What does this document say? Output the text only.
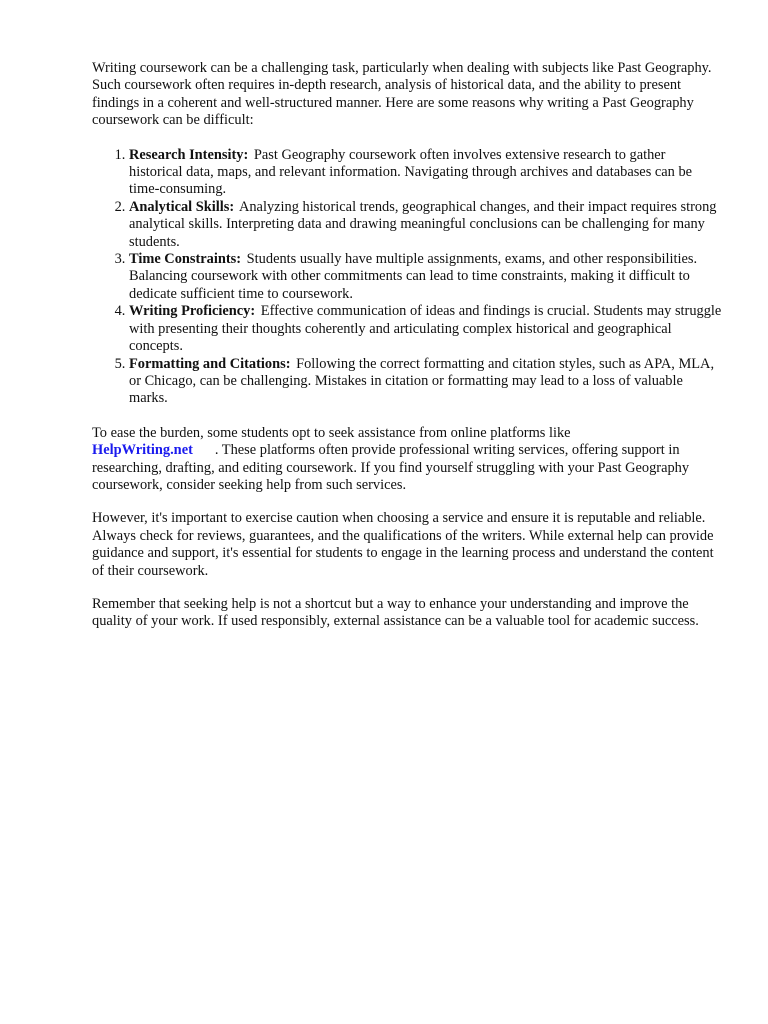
Writing coursework can be a challenging task, particularly when dealing with subjects like Past Geography. Such coursework often requires in-depth research, analysis of historical data, and the ability to present findings in a coherent and well-structured manner. Here are some reasons why writing a Past Geography coursework can be difficult:

1. Research Intensity: Past Geography coursework often involves extensive research to gather historical data, maps, and relevant information. Navigating through archives and databases can be time-consuming.
2. Analytical Skills: Analyzing historical trends, geographical changes, and their impact requires strong analytical skills. Interpreting data and drawing meaningful conclusions can be challenging for many students.
3. Time Constraints: Students usually have multiple assignments, exams, and other responsibilities. Balancing coursework with other commitments can lead to time constraints, making it difficult to dedicate sufficient time to coursework.
4. Writing Proficiency: Effective communication of ideas and findings is crucial. Students may struggle with presenting their thoughts coherently and articulating complex historical and geographical concepts.
5. Formatting and Citations: Following the correct formatting and citation styles, such as APA, MLA, or Chicago, can be challenging. Mistakes in citation or formatting may lead to a loss of valuable marks.

To ease the burden, some students opt to seek assistance from online platforms like
HelpWriting.net . These platforms often provide professional writing services, offering support in researching, drafting, and editing coursework. If you find yourself struggling with your Past Geography coursework, consider seeking help from such services.

However, it's important to exercise caution when choosing a service and ensure it is reputable and reliable. Always check for reviews, guarantees, and the qualifications of the writers. While external help can provide guidance and support, it's essential for students to engage in the learning process and understand the content of their coursework.

Remember that seeking help is not a shortcut but a way to enhance your understanding and improve the quality of your work. If used responsibly, external assistance can be a valuable tool for academic success.
